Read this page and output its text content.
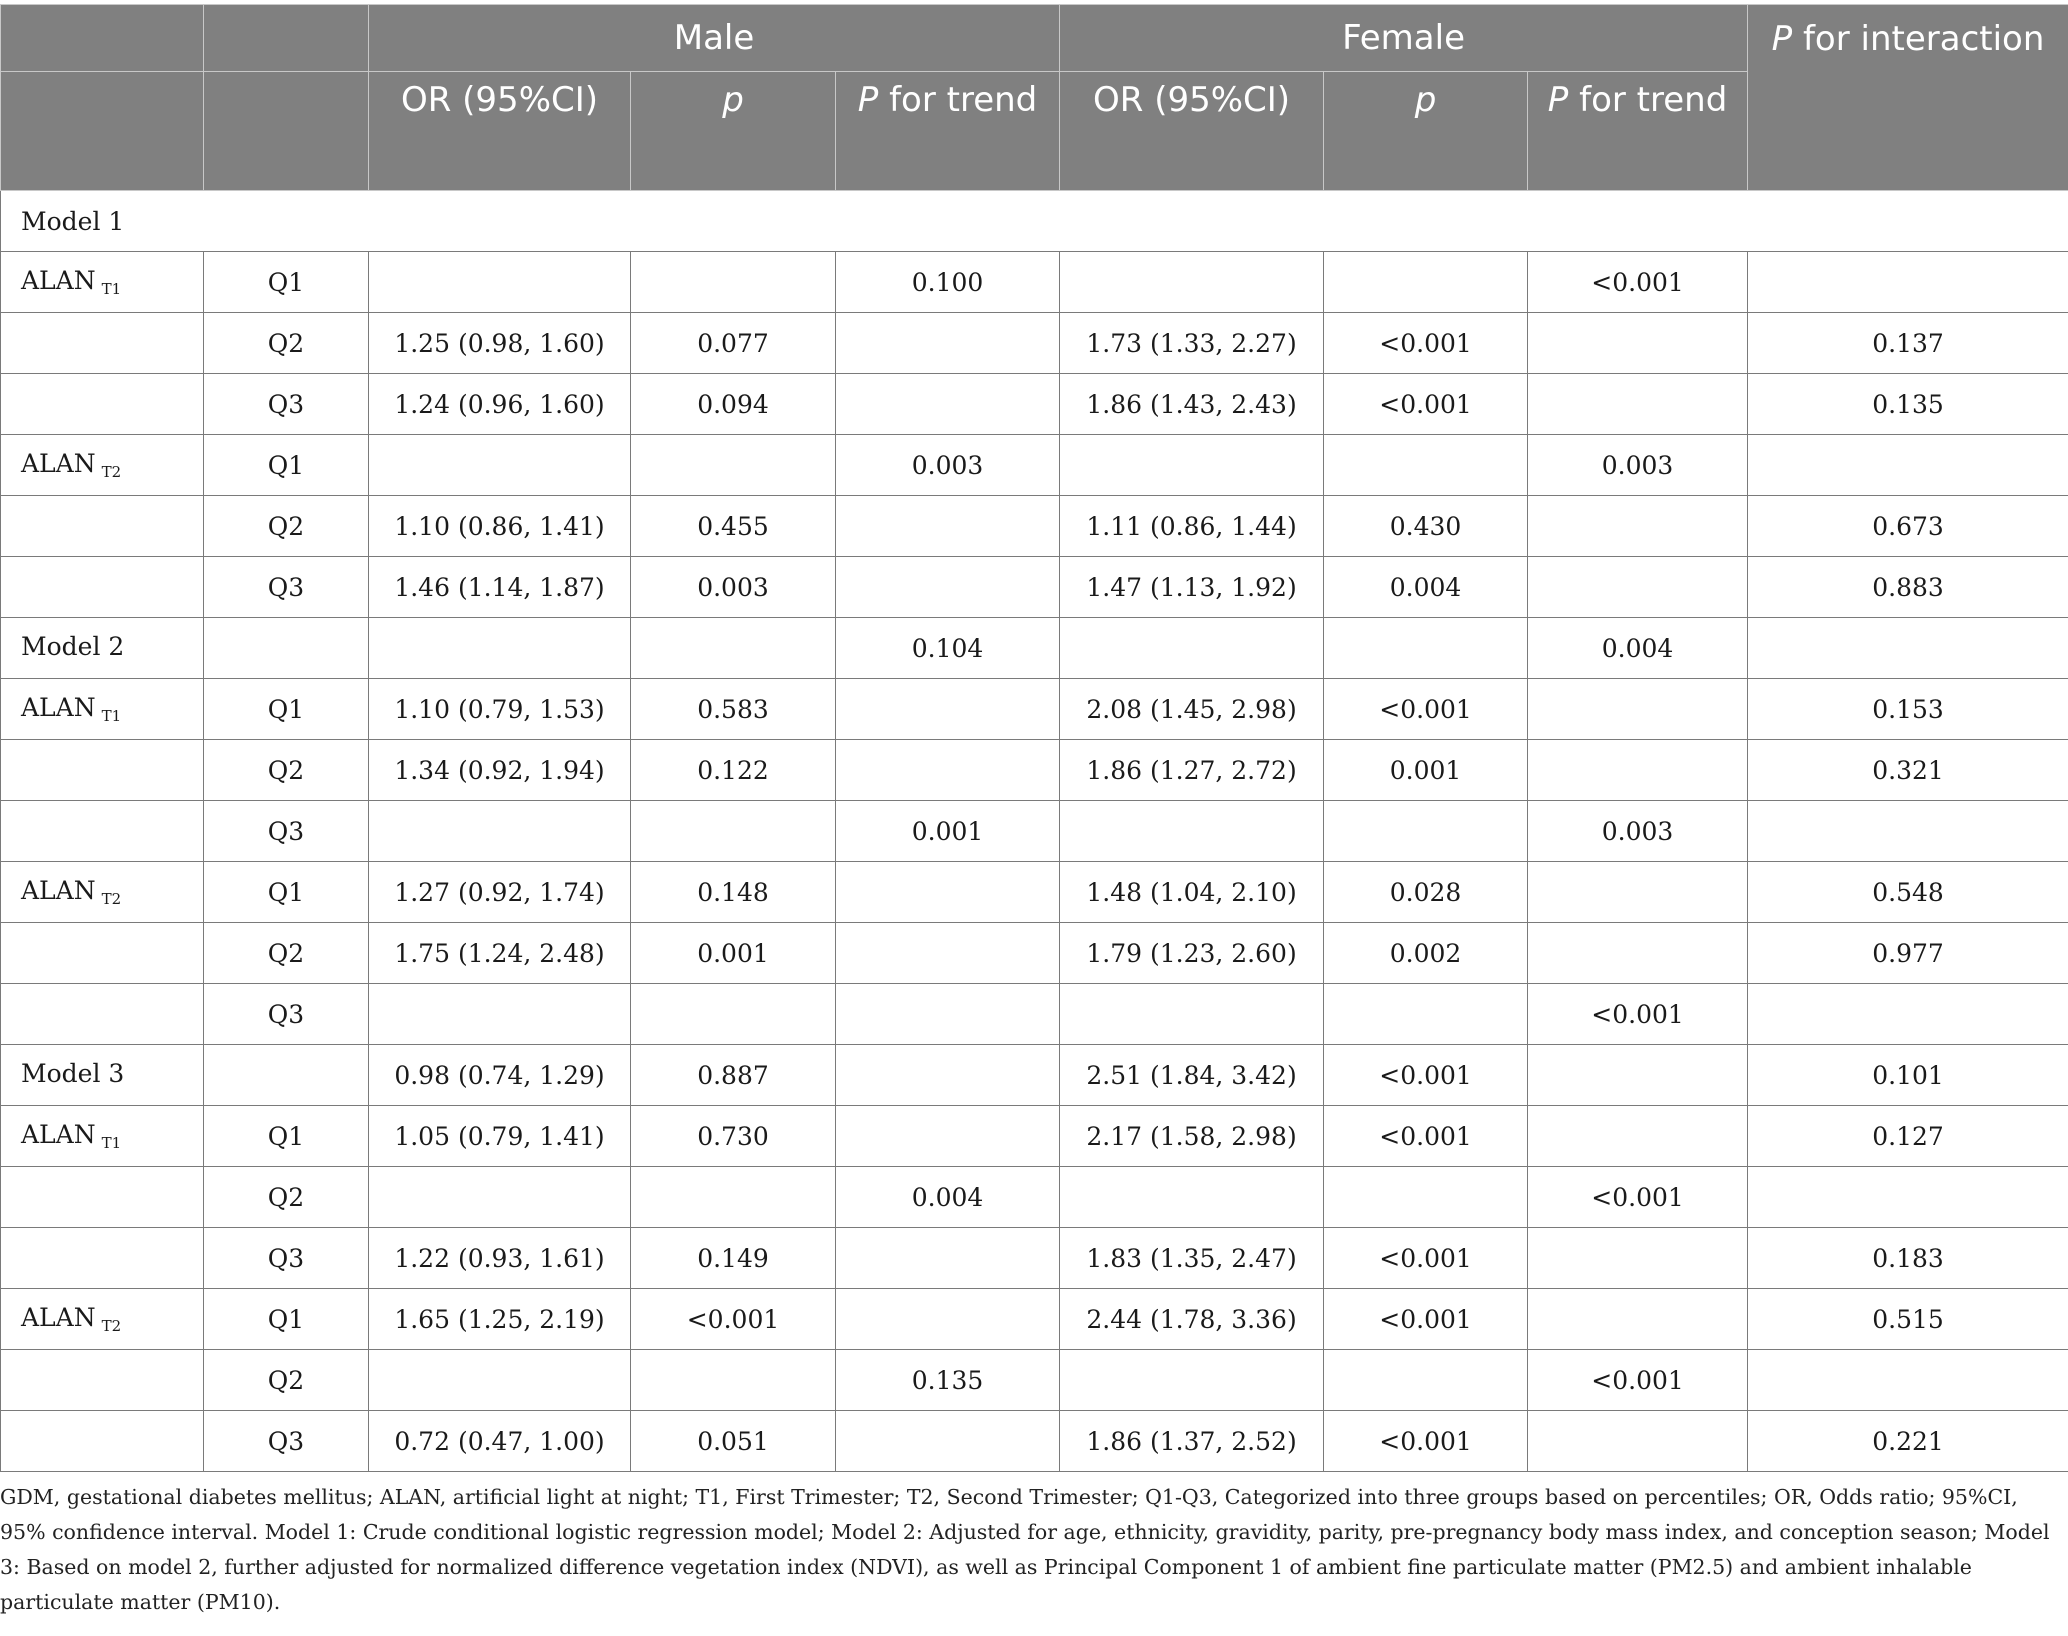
		Male			Female			P for interaction
		OR (95%CI)	p	P for trend	OR (95%CI)	p	P for trend	
Model 1								
ALAN $_{T1}$	Q1			0.100			<0.001	
	Q2	1.25 (0.98, 1.60)	0.077		1.73 (1.33, 2.27)	<0.001		0.137
	Q3	1.24 (0.96, 1.60)	0.094		1.86 (1.43, 2.43)	<0.001		0.135
ALAN $_{T2}$	Q1			0.003			0.003	
	Q2	1.10 (0.86, 1.41)	0.455		1.11 (0.86, 1.44)	0.430		0.673
	Q3	1.46 (1.14, 1.87)	0.003		1.47 (1.13, 1.92)	0.004		0.883
Model 2				0.104			0.004	
ALAN $_{T1}$	Q1	1.10 (0.79, 1.53)	0.583		2.08 (1.45, 2.98)	<0.001		0.153
	Q2	1.34 (0.92, 1.94)	0.122		1.86 (1.27, 2.72)	0.001		0.321
	Q3			0.001			0.003	
ALAN $_{T2}$	Q1	1.27 (0.92, 1.74)	0.148		1.48 (1.04, 2.10)	0.028		0.548
	Q2	1.75 (1.24, 2.48)	0.001		1.79 (1.23, 2.60)	0.002		0.977
	Q3						<0.001	
Model 3		0.98 (0.74, 1.29)	0.887		2.51 (1.84, 3.42)	<0.001		0.101
ALAN $_{T1}$	Q1	1.05 (0.79, 1.41)	0.730		2.17 (1.58, 2.98)	<0.001		0.127
	Q2			0.004			<0.001	
	Q3	1.22 (0.93, 1.61)	0.149		1.83 (1.35, 2.47)	<0.001		0.183
ALAN $_{T2}$	Q1	1.65 (1.25, 2.19)	<0.001		2.44 (1.78, 3.36)	<0.001		0.515
	Q2			0.135			<0.001	
	Q3	0.72 (0.47, 1.00)	0.051		1.86 (1.37, 2.52)	<0.001		0.221

GDM, gestational diabetes mellitus; ALAN, artificial light at night; T1, First Trimester; T2, Second Trimester; Q1-Q3, Categorized into three groups based on percentiles; OR, Odds ratio; 95%CI, 95% confidence interval. Model 1: Crude conditional logistic regression model; Model 2: Adjusted for age, ethnicity, gravidity, parity, pre-pregnancy body mass index, and conception season; Model 3: Based on model 2, further adjusted for normalized difference vegetation index (NDVI), as well as Principal Component 1 of ambient fine particulate matter (PM2.5) and ambient inhalable particulate matter (PM10).
